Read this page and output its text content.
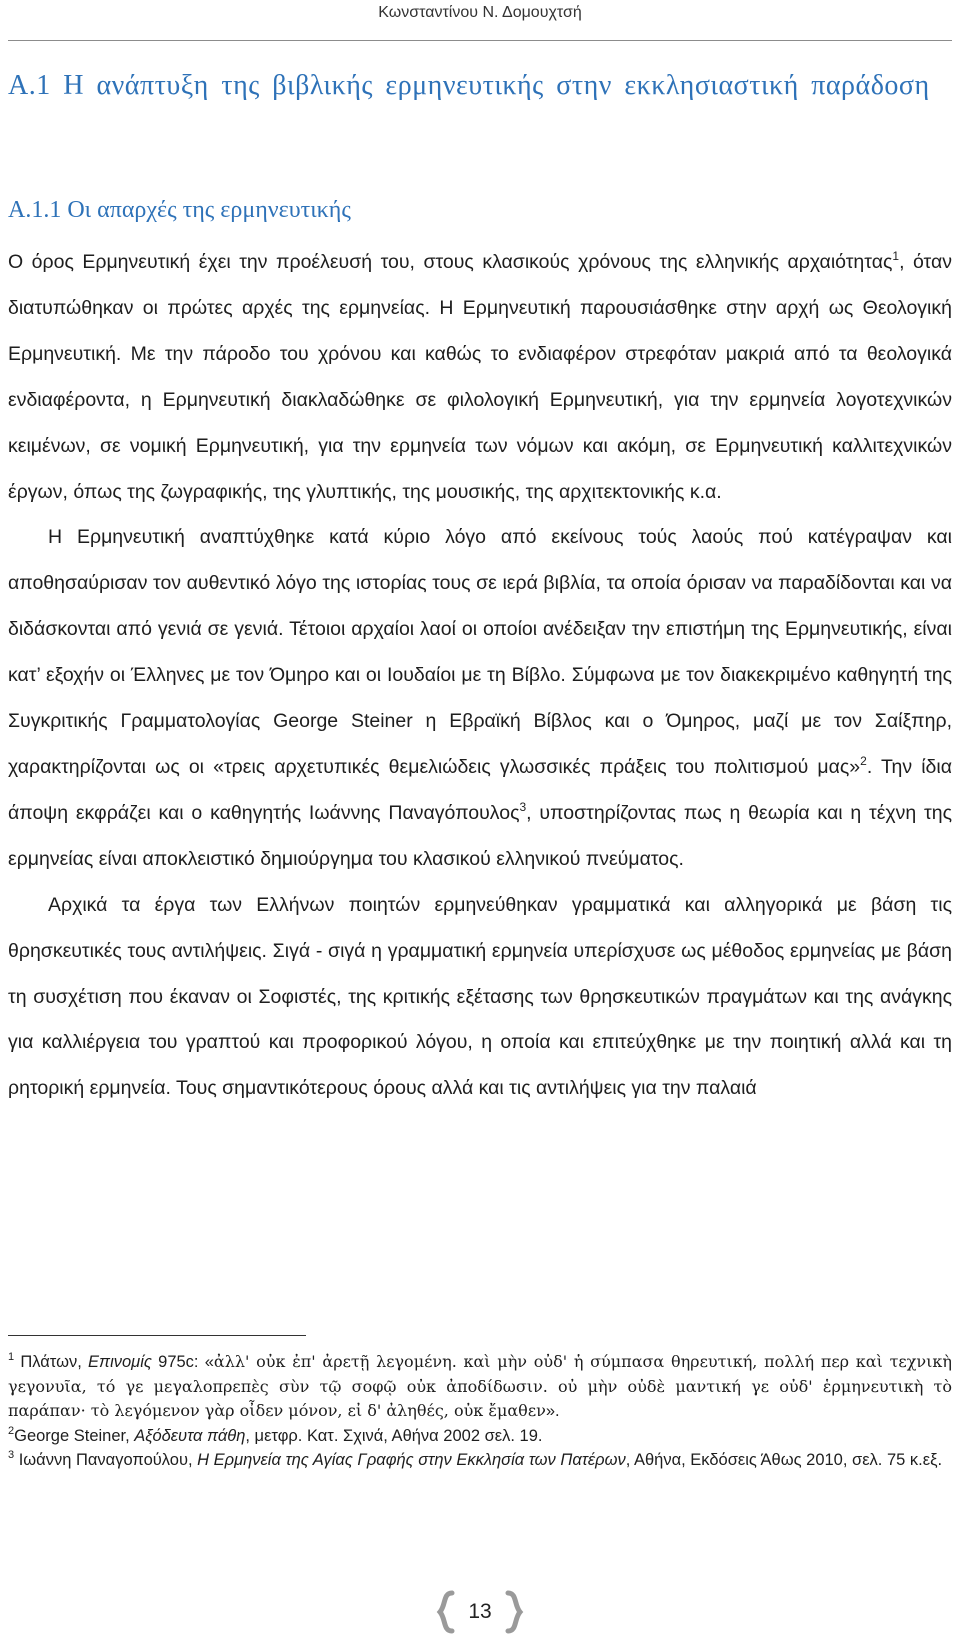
Κωνσταντίνου Ν. Δομουχτσή
Α.1 Η ανάπτυξη της βιβλικής ερμηνευτικής στην εκκλησιαστική παράδοση
Α.1.1 Οι απαρχές της ερμηνευτικής

Ο όρος Ερμηνευτική έχει την προέλευσή του, στους κλασικούς χρόνους της ελληνικής αρχαιότητας$^1$, όταν διατυπώθηκαν οι πρώτες αρχές της ερμηνείας. Η Ερμηνευτική παρουσιάσθηκε στην αρχή ως Θεολογική Ερμηνευτική. Με την πάροδο του χρόνου και καθώς το ενδιαφέρον στρεφόταν μακριά από τα θεολογικά ενδιαφέροντα, η Ερμηνευτική διακλαδώθηκε σε φιλολογική Ερμηνευτική, για την ερμηνεία λογοτεχνικών κειμένων, σε νομική Ερμηνευτική, για την ερμηνεία των νόμων και ακόμη, σε Ερμηνευτική καλλιτεχνικών έργων, όπως της ζωγραφικής, της γλυπτικής, της μουσικής, της αρχιτεκτονικής κ.α.

Η Ερμηνευτική αναπτύχθηκε κατά κύριο λόγο από εκείνους τούς λαούς πού κατέγραψαν και αποθησαύρισαν τον αυθεντικό λόγο της ιστορίας τους σε ιερά βιβλία, τα οποία όρισαν να παραδίδονται και να διδάσκονται από γενιά σε γενιά. Τέτοιοι αρχαίοι λαοί οι οποίοι ανέδειξαν την επιστήμη της Ερμηνευτικής, είναι κατ’ εξοχήν οι Έλληνες με τον Όμηρο και οι Ιουδαίοι με τη Βίβλο. Σύμφωνα με τον διακεκριμένο καθηγητή της Συγκριτικής Γραμματολογίας George Steiner η Εβραϊκή Βίβλος και ο Όμηρος, μαζί με τον Σαίξπηρ, χαρακτηρίζονται ως οι «τρεις αρχετυπικές θεμελιώδεις γλωσσικές πράξεις του πολιτισμού μας»$^2$. Την ίδια άποψη εκφράζει και ο καθηγητής Ιωάννης Παναγόπουλος$^3$, υποστηρίζοντας πως η θεωρία και η τέχνη της ερμηνείας είναι αποκλειστικό δημιούργημα του κλασικού ελληνικού πνεύματος.

Αρχικά τα έργα των Ελλήνων ποιητών ερμηνεύθηκαν γραμματικά και αλληγορικά με βάση τις θρησκευτικές τους αντιλήψεις. Σιγά - σιγά η γραμματική ερμηνεία υπερίσχυσε ως μέθοδος ερμηνείας με βάση τη συσχέτιση που έκαναν οι Σοφιστές, της κριτικής εξέτασης των θρησκευτικών πραγμάτων και της ανάγκης για καλλιέργεια του γραπτού και προφορικού λόγου, η οποία και επιτεύχθηκε με την ποιητική αλλά και τη ρητορική ερμηνεία. Τους σημαντικότερους όρους αλλά και τις αντιλήψεις για την παλαιά

$^1$ Πλάτων, Επινομίς 975c: «ἀλλ' οὐκ ἐπ' ἀρετῇ λεγομένη. καὶ μὴν οὐδ' ἡ σύμπασα θηρευτική, πολλή περ καὶ τεχνικὴ γεγονυῖα, τό γε μεγαλοπρεπὲς σὺν τῷ σοφῷ οὐκ ἀποδίδωσιν. οὐ μὴν οὐδὲ μαντική γε οὐδ' ἑρμηνευτικὴ τὸ παράπαν· τὸ λεγόμενον γὰρ οἶδεν μόνον, εἰ δ' ἀληθές, οὐκ ἔμαθεν».

$^2$George Steiner, Αξόδευτα πάθη, μετφρ. Κατ. Σχινά, Αθήνα 2002 σελ. 19.

$^3$ Ιωάννη Παναγοπούλου, Η Ερμηνεία της Αγίας Γραφής στην Εκκλησία των Πατέρων, Αθήνα, Εκδόσεις Άθως 2010, σελ. 75 κ.εξ.

13
